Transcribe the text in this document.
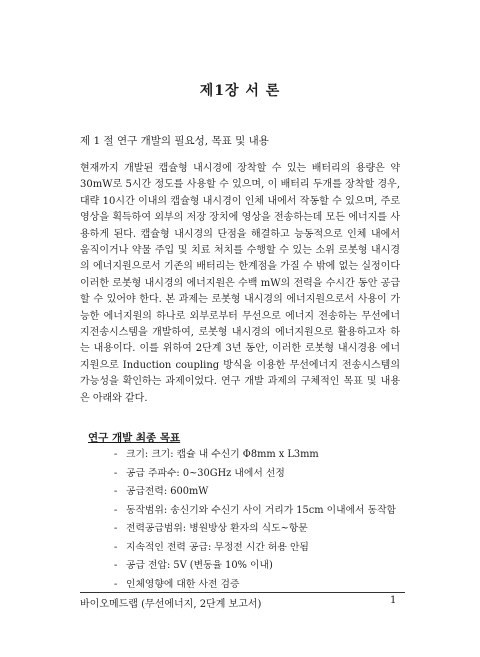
제1장 서 론
제 1 절 연구 개발의 필요성, 목표 및 내용

현재까지 개발된 캡슐형 내시경에 장착할 수 있는 배터리의 용량은 약 30mW로 5시간 정도를 사용할 수 있으며, 이 배터리 두개를 장착할 경우, 대략 10시간 이내의 캡슐형 내시경이 인체 내에서 작동할 수 있으며, 주로 영상을 획득하여 외부의 저장 장치에 영상을 전송하는데 모든 에너지를 사용하게 된다. 캡슐형 내시경의 단점을 해결하고 능동적으로 인체 내에서 움직이거나 약물 주입 및 치료 처치를 수행할 수 있는 소위 로봇형 내시경의 에너지원으로서 기존의 배터리는 한계점을 가질 수 밖에 없는 실정이다 이러한 로봇형 내시경의 에너지원은 수백 mW의 전력을 수시간 동안 공급할 수 있어야 한다. 본 과제는 로봇형 내시경의 에너지원으로서 사용이 가능한 에너지원의 하나로 외부로부터 무선으로 에너지 전송하는 무선에너지전송시스템을 개발하여, 로봇형 내시경의 에너지원으로 활용하고자 하는 내용이다. 이를 위하여 2단계 3년 동안, 이러한 로봇형 내시경용 에너지원으로 Induction coupling 방식을 이용한 무선에너지 전송시스템의 가능성을 확인하는 과제이었다. 연구 개발 과제의 구체적인 목표 및 내용은 아래와 같다.

연구 개발 최종 목표
- 크기: 크기: 캡슐 내 수신기 Φ8mm x L3mm
- 공급 주파수: 0~30GHz 내에서 선정
- 공급전력: 600mW
- 동작범위: 송신기와 수신기 사이 거리가 15cm 이내에서 동작함
- 전력공급범위: 병원방상 환자의 식도~항문
- 지속적인 전력 공급: 무정전 시간 허용 안됨
- 공급 전압: 5V (변동율 10% 이내)
- 인체영향에 대한 사전 검증
바이오메드랩 (무선에너지, 2단계 보고서)	1
